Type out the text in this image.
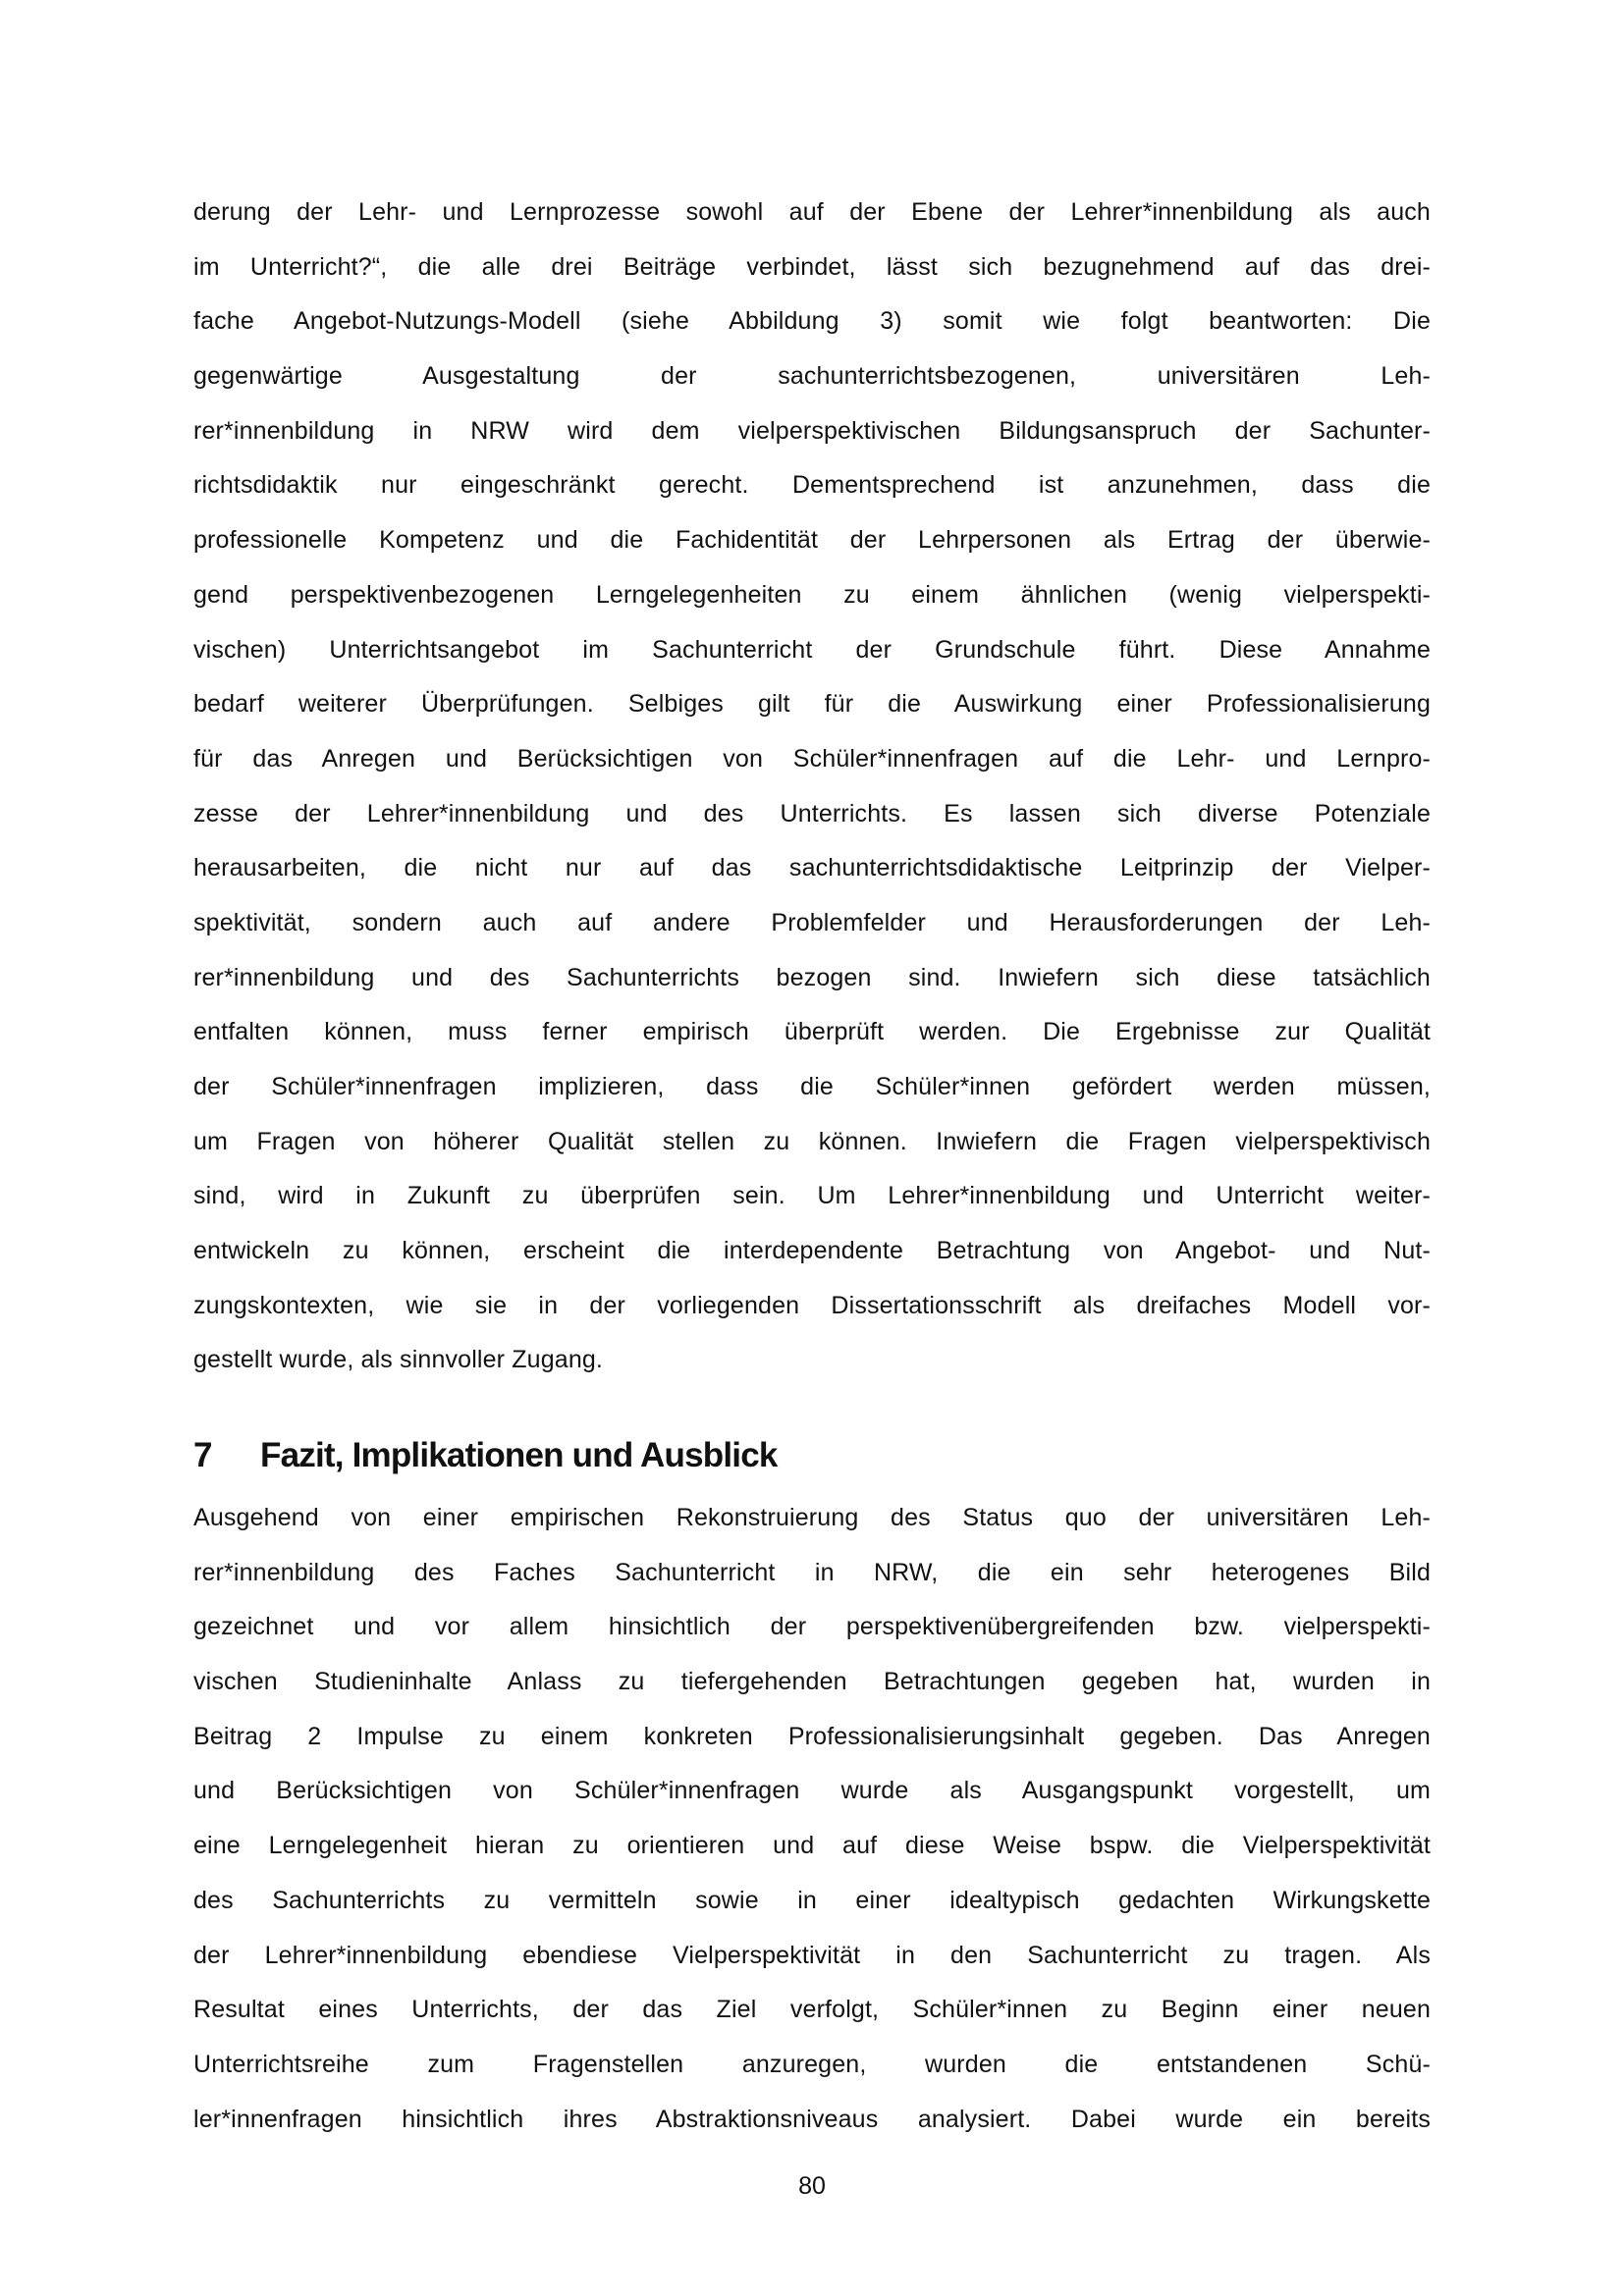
derung der Lehr- und Lernprozesse sowohl auf der Ebene der Lehrer*innenbildung als auch
im Unterricht?“, die alle drei Beiträge verbindet, lässt sich bezugnehmend auf das drei-
fache Angebot-Nutzungs-Modell (siehe Abbildung 3) somit wie folgt beantworten: Die
gegenwärtige Ausgestaltung der sachunterrichtsbezogenen, universitären Leh-
rer*innenbildung in NRW wird dem vielperspektivischen Bildungsanspruch der Sachunter-
richtsdidaktik nur eingeschränkt gerecht. Dementsprechend ist anzunehmen, dass die
professionelle Kompetenz und die Fachidentität der Lehrpersonen als Ertrag der überwie-
gend perspektivenbezogenen Lerngelegenheiten zu einem ähnlichen (wenig vielperspekti-
vischen) Unterrichtsangebot im Sachunterricht der Grundschule führt. Diese Annahme
bedarf weiterer Überprüfungen. Selbiges gilt für die Auswirkung einer Professionalisierung
für das Anregen und Berücksichtigen von Schüler*innenfragen auf die Lehr- und Lernpro-
zesse der Lehrer*innenbildung und des Unterrichts. Es lassen sich diverse Potenziale
herausarbeiten, die nicht nur auf das sachunterrichtsdidaktische Leitprinzip der Vielper-
spektivität, sondern auch auf andere Problemfelder und Herausforderungen der Leh-
rer*innenbildung und des Sachunterrichts bezogen sind. Inwiefern sich diese tatsächlich
entfalten können, muss ferner empirisch überprüft werden. Die Ergebnisse zur Qualität
der Schüler*innenfragen implizieren, dass die Schüler*innen gefördert werden müssen,
um Fragen von höherer Qualität stellen zu können. Inwiefern die Fragen vielperspektivisch
sind, wird in Zukunft zu überprüfen sein. Um Lehrer*innenbildung und Unterricht weiter-
entwickeln zu können, erscheint die interdependente Betrachtung von Angebot- und Nut-
zungskontexten, wie sie in der vorliegenden Dissertationsschrift als dreifaches Modell vor-
gestellt wurde, als sinnvoller Zugang.
7 Fazit, Implikationen und Ausblick
Ausgehend von einer empirischen Rekonstruierung des Status quo der universitären Leh-
rer*innenbildung des Faches Sachunterricht in NRW, die ein sehr heterogenes Bild
gezeichnet und vor allem hinsichtlich der perspektivenübergreifenden bzw. vielperspekti-
vischen Studieninhalte Anlass zu tiefergehenden Betrachtungen gegeben hat, wurden in
Beitrag 2 Impulse zu einem konkreten Professionalisierungsinhalt gegeben. Das Anregen
und Berücksichtigen von Schüler*innenfragen wurde als Ausgangspunkt vorgestellt, um
eine Lerngelegenheit hieran zu orientieren und auf diese Weise bspw. die Vielperspektivität
des Sachunterrichts zu vermitteln sowie in einer idealtypisch gedachten Wirkungskette
der Lehrer*innenbildung ebendiese Vielperspektivität in den Sachunterricht zu tragen. Als
Resultat eines Unterrichts, der das Ziel verfolgt, Schüler*innen zu Beginn einer neuen
Unterrichtsreihe zum Fragenstellen anzuregen, wurden die entstandenen Schü-
ler*innenfragen hinsichtlich ihres Abstraktionsniveaus analysiert. Dabei wurde ein bereits
80
